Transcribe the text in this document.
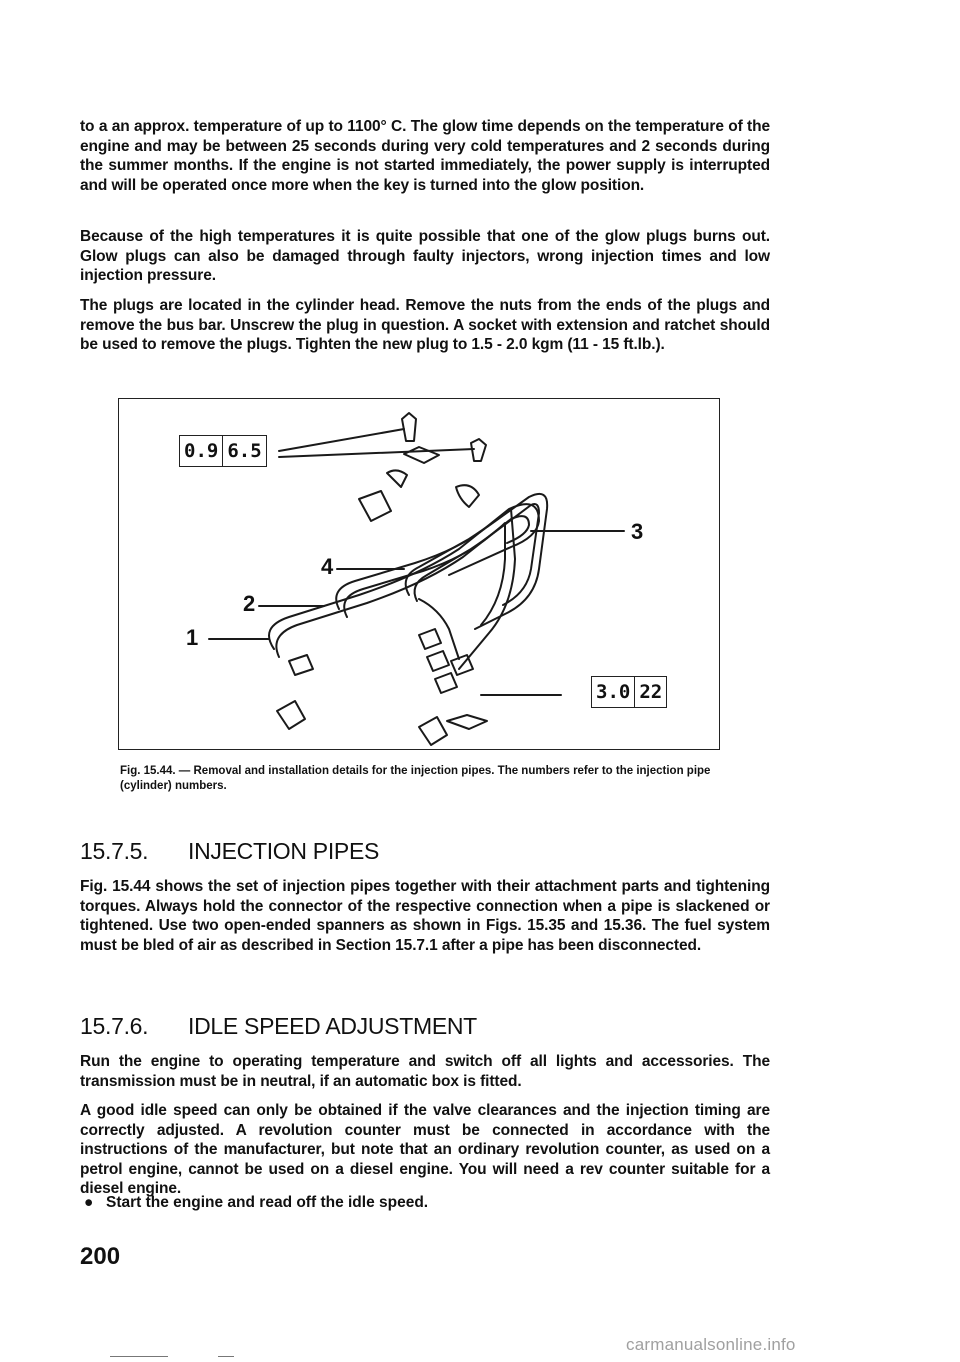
to a an approx. temperature of up to 1100° C. The glow time depends on the temperature of the engine and may be between 25 seconds during very cold temperatures and 2 seconds during the summer months. If the engine is not started immediately, the power supply is interrupted and will be operated once more when the key is turned into the glow position.

Because of the high temperatures it is quite possible that one of the glow plugs burns out. Glow plugs can also be damaged through faulty injectors, wrong injection times and low injection pressure.

The plugs are located in the cylinder head. Remove the nuts from the ends of the plugs and remove the bus bar. Unscrew the plug in question. A socket with extension and ratchet should be used to remove the plugs. Tighten the new plug to 1.5 - 2.0 kgm (11 - 15 ft.lb.).

0.9 6.5
3.0 22
1
2
3
4

Fig. 15.44. — Removal and installation details for the injection pipes. The numbers refer to the injection pipe (cylinder) numbers.

15.7.5. INJECTION PIPES

Fig. 15.44 shows the set of injection pipes together with their attachment parts and tightening torques. Always hold the connector of the respective connection when a pipe is slackened or tightened. Use two open-ended spanners as shown in Figs. 15.35 and 15.36. The fuel system must be bled of air as described in Section 15.7.1 after a pipe has been disconnected.

15.7.6. IDLE SPEED ADJUSTMENT

Run the engine to operating temperature and switch off all lights and accessories. The transmission must be in neutral, if an automatic box is fitted.

A good idle speed can only be obtained if the valve clearances and the injection timing are correctly adjusted. A revolution counter must be connected in accordance with the instructions of the manufacturer, but note that an ordinary revolution counter, as used on a petrol engine, cannot be used on a diesel engine. You will need a rev counter suitable for a diesel engine.

● Start the engine and read off the idle speed.

200
carmanualsonline.info
